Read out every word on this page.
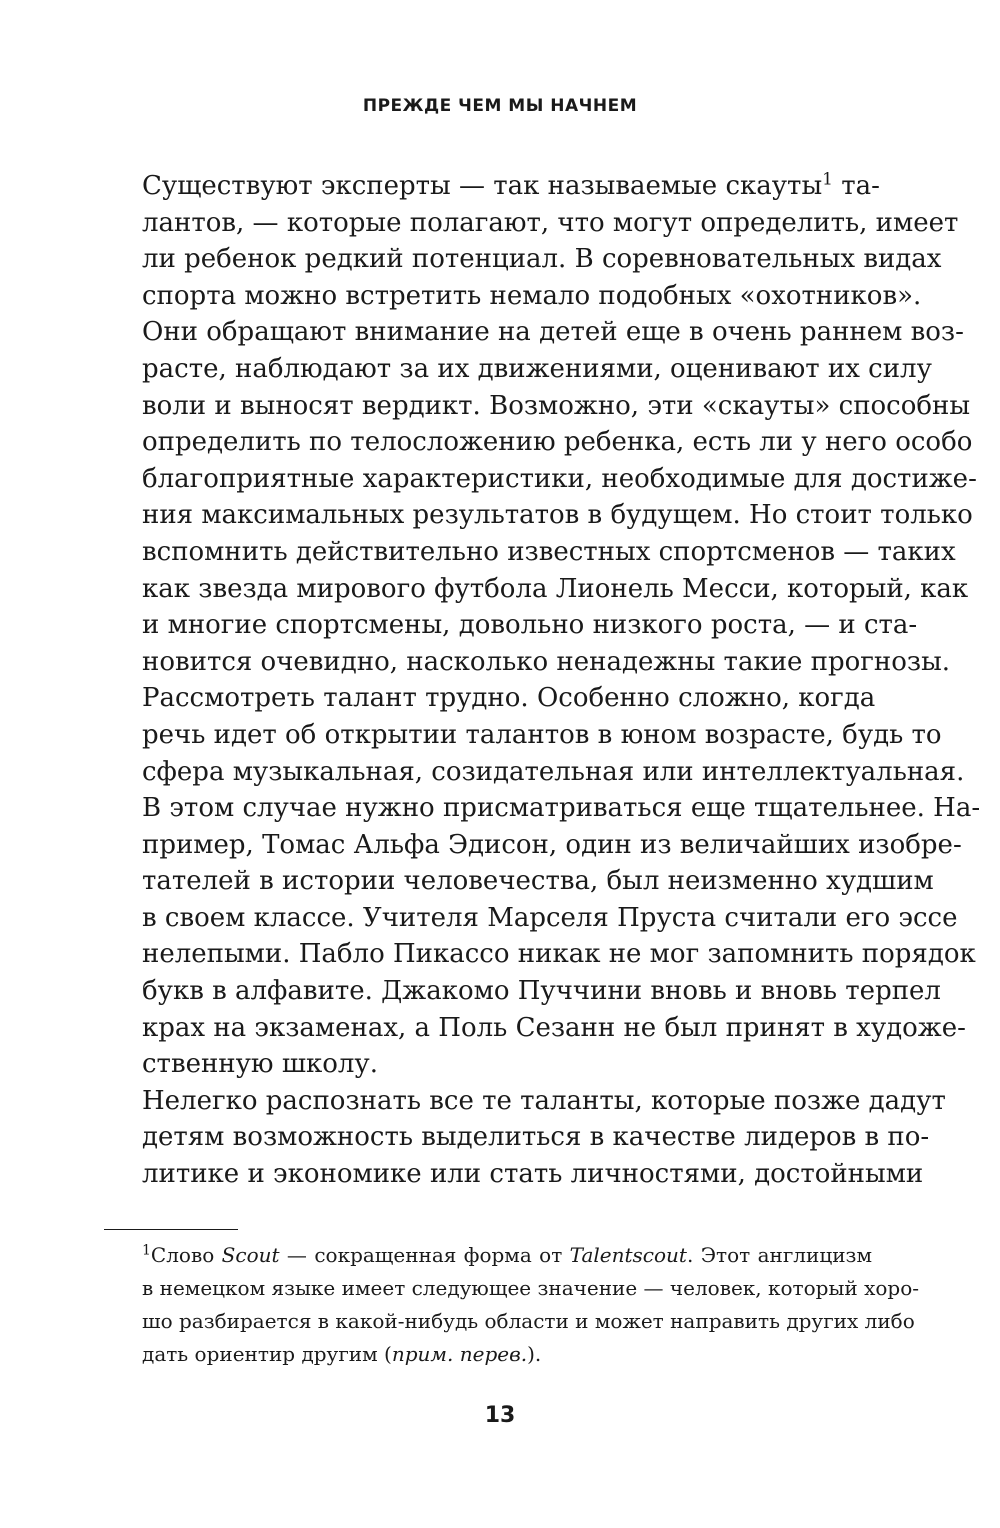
ПРЕЖДЕ ЧЕМ МЫ НАЧНЕМ

Существуют эксперты — так называемые скауты$^1$ та-
лантов, — которые полагают, что могут определить, имеет
ли ребенок редкий потенциал. В соревновательных видах
спорта можно встретить немало подобных «охотников».
Они обращают внимание на детей еще в очень раннем воз-
расте, наблюдают за их движениями, оценивают их силу
воли и выносят вердикт. Возможно, эти «скауты» способны
определить по телосложению ребенка, есть ли у него особо
благоприятные характеристики, необходимые для достиже-
ния максимальных результатов в будущем. Но стоит только
вспомнить действительно известных спортсменов — таких
как звезда мирового футбола Лионель Месси, который, как
и многие спортсмены, довольно низкого роста, — и ста-
новится очевидно, насколько ненадежны такие прогнозы.

Рассмотреть талант трудно. Особенно сложно, когда
речь идет об открытии талантов в юном возрасте, будь то
сфера музыкальная, созидательная или интеллектуальная.
В этом случае нужно присматриваться еще тщательнее. На-
пример, Томас Альфа Эдисон, один из величайших изобре-
тателей в истории человечества, был неизменно худшим
в своем классе. Учителя Марселя Пруста считали его эссе
нелепыми. Пабло Пикассо никак не мог запомнить порядок
букв в алфавите. Джакомо Пуччини вновь и вновь терпел
крах на экзаменах, а Поль Сезанн не был принят в художе-
ственную школу.

Нелегко распознать все те таланты, которые позже дадут
детям возможность выделиться в качестве лидеров в по-
литике и экономике или стать личностями, достойными

$^1$Слово Scout — сокращенная форма от Talentscout. Этот англицизм
в немецком языке имеет следующее значение — человек, который хоро-
шо разбирается в какой-нибудь области и может направить других либо
дать ориентир другим (прим. перев.).

13
